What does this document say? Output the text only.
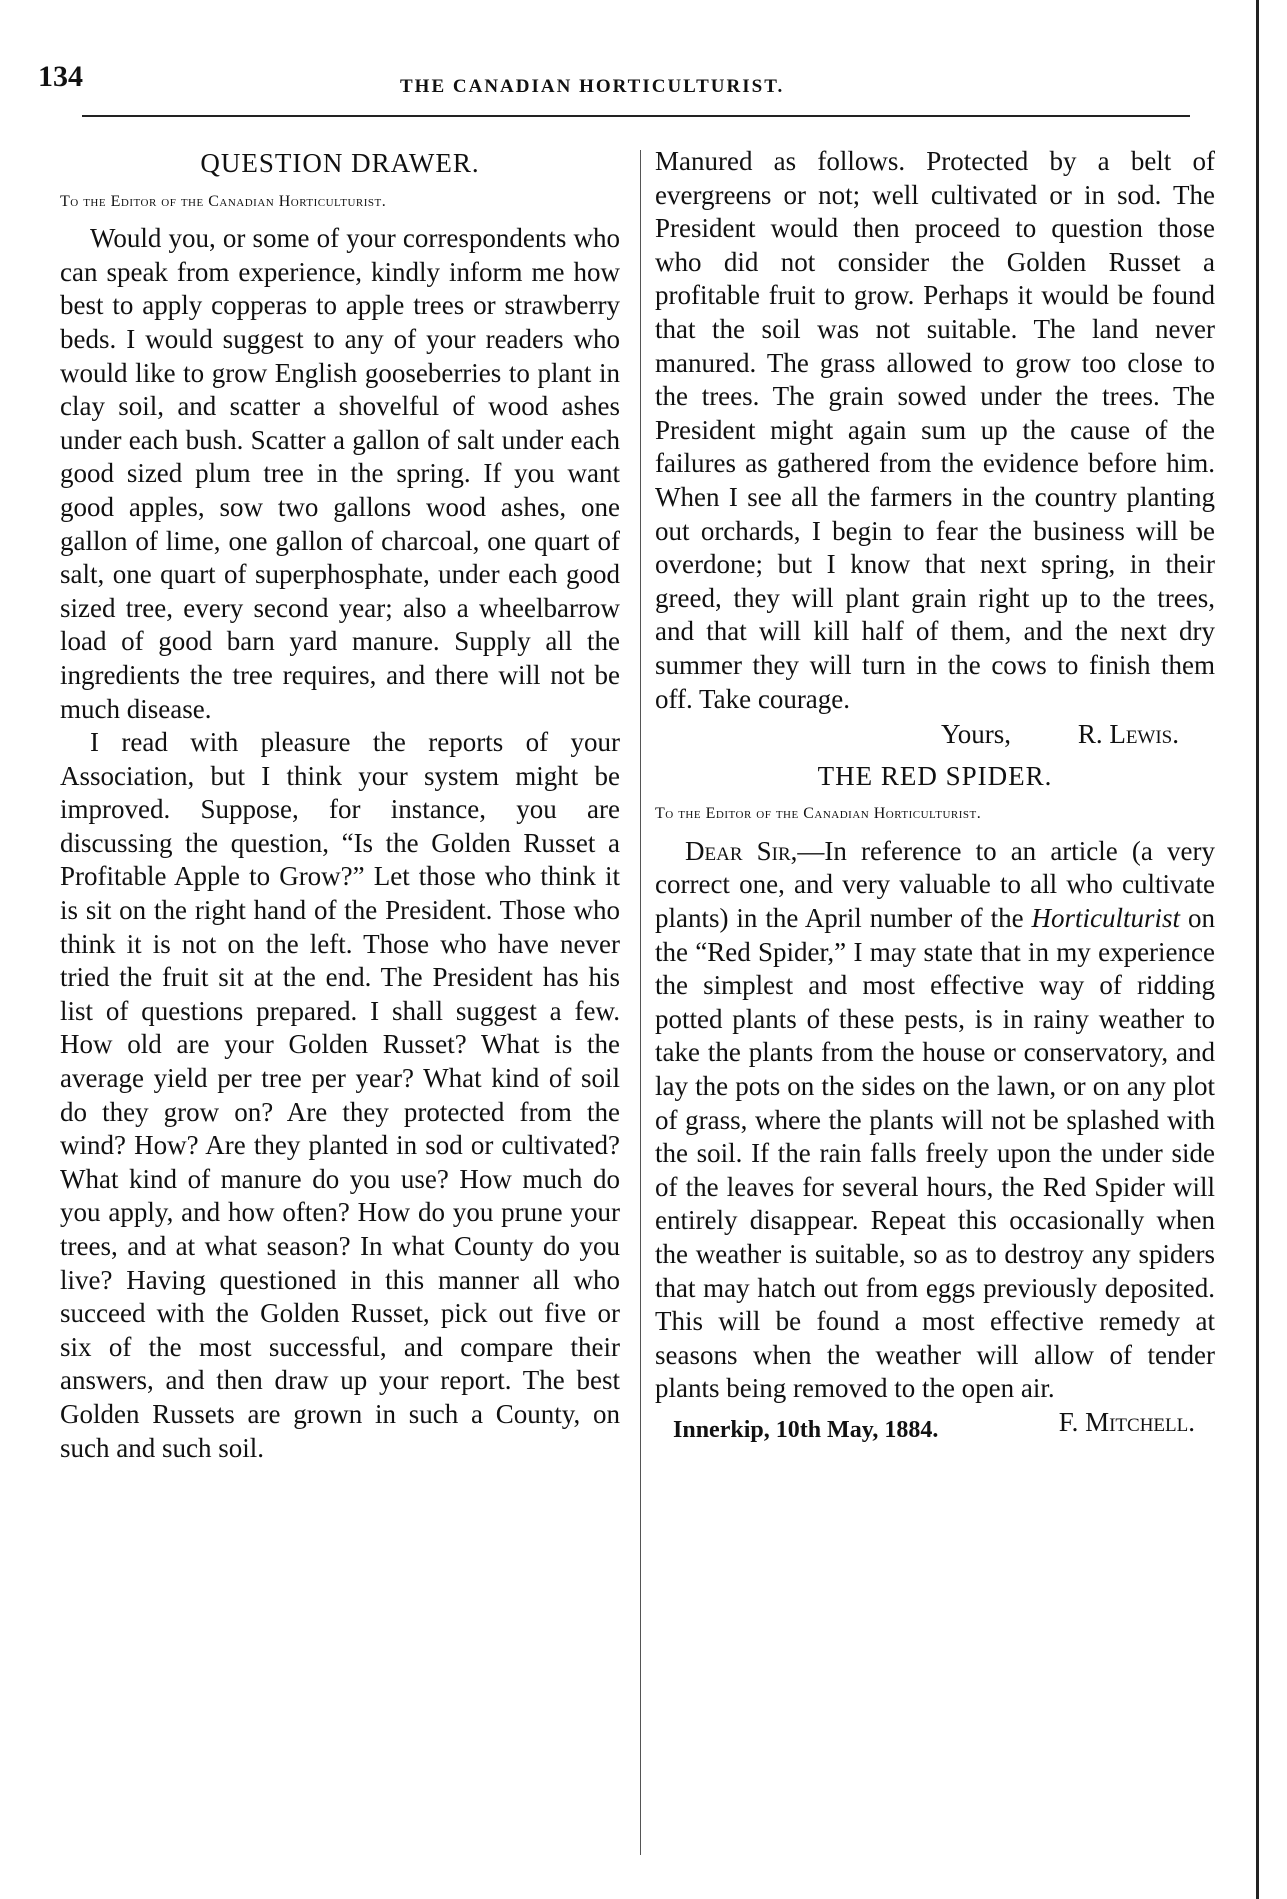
134	THE CANADIAN HORTICULTURIST.
QUESTION DRAWER.
To the Editor of the Canadian Horticulturist.

Would you, or some of your correspondents who can speak from experience, kindly inform me how best to apply copperas to apple trees or strawberry beds. I would suggest to any of your readers who would like to grow English gooseberries to plant in clay soil, and scatter a shovelful of wood ashes under each bush. Scatter a gallon of salt under each good sized plum tree in the spring. If you want good apples, sow two gallons wood ashes, one gallon of lime, one gallon of charcoal, one quart of salt, one quart of superphosphate, under each good sized tree, every second year; also a wheelbarrow load of good barn yard manure. Supply all the ingredients the tree requires, and there will not be much disease.

I read with pleasure the reports of your Association, but I think your system might be improved. Suppose, for instance, you are discussing the question, “Is the Golden Russet a Profitable Apple to Grow?” Let those who think it is sit on the right hand of the President. Those who think it is not on the left. Those who have never tried the fruit sit at the end. The President has his list of questions prepared. I shall suggest a few. How old are your Golden Russet? What is the average yield per tree per year? What kind of soil do they grow on? Are they protected from the wind? How? Are they planted in sod or cultivated? What kind of manure do you use? How much do you apply, and how often? How do you prune your trees, and at what season? In what County do you live? Having questioned in this manner all who succeed with the Golden Russet, pick out five or six of the most successful, and compare their answers, and then draw up your report. The best Golden Russets are grown in such a County, on such and such soil.

Manured as follows. Protected by a belt of evergreens or not; well cultivated or in sod. The President would then proceed to question those who did not consider the Golden Russet a profitable fruit to grow. Perhaps it would be found that the soil was not suitable. The land never manured. The grass allowed to grow too close to the trees. The grain sowed under the trees. The President might again sum up the cause of the failures as gathered from the evidence before him. When I see all the farmers in the country planting out orchards, I begin to fear the business will be overdone; but I know that next spring, in their greed, they will plant grain right up to the trees, and that will kill half of them, and the next dry summer they will turn in the cows to finish them off. Take courage.

Yours, R. Lewis.
THE RED SPIDER.
To the Editor of the Canadian Horticulturist.

Dear Sir,—In reference to an article (a very correct one, and very valuable to all who cultivate plants) in the April number of the Horticulturist on the “Red Spider,” I may state that in my experience the simplest and most effective way of ridding potted plants of these pests, is in rainy weather to take the plants from the house or conservatory, and lay the pots on the sides on the lawn, or on any plot of grass, where the plants will not be splashed with the soil. If the rain falls freely upon the under side of the leaves for several hours, the Red Spider will entirely disappear. Repeat this occasionally when the weather is suitable, so as to destroy any spiders that may hatch out from eggs previously deposited. This will be found a most effective remedy at seasons when the weather will allow of tender plants being removed to the open air.
F. Mitchell.

Innerkip, 10th May, 1884.
